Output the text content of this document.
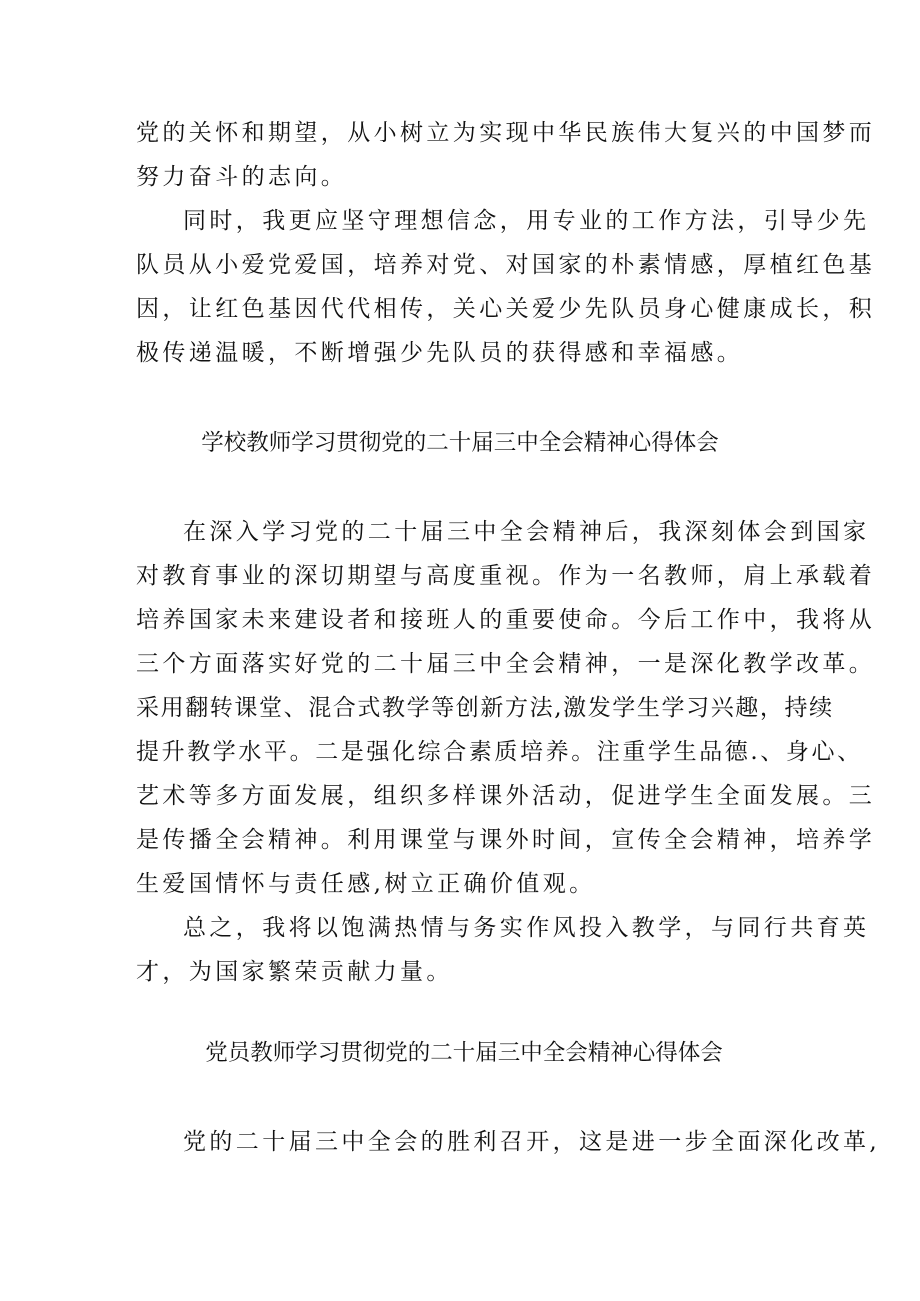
党的关怀和期望，从小树立为实现中华民族伟大复兴的中国梦而
努力奋斗的志向。
同时，我更应坚守理想信念，用专业的工作方法，引导少先
队员从小爱党爱国，培养对党、对国家的朴素情感，厚植红色基
因，让红色基因代代相传，关心关爱少先队员身心健康成长，积
极传递温暖，不断增强少先队员的获得感和幸福感。
学校教师学习贯彻党的二十届三中全会精神心得体会
在深入学习党的二十届三中全会精神后，我深刻体会到国家
对教育事业的深切期望与高度重视。作为一名教师，肩上承载着
培养国家未来建设者和接班人的重要使命。今后工作中，我将从
三个方面落实好党的二十届三中全会精神，一是深化教学改革。
采用翻转课堂、混合式教学等创新方法,激发学生学习兴趣，持续
提升教学水平。二是强化综合素质培养。注重学生品德.、身心、
艺术等多方面发展，组织多样课外活动，促进学生全面发展。三
是传播全会精神。利用课堂与课外时间，宣传全会精神，培养学
生爱国情怀与责任感,树立正确价值观。
总之，我将以饱满热情与务实作风投入教学，与同行共育英
才，为国家繁荣贡献力量。
党员教师学习贯彻党的二十届三中全会精神心得体会
党的二十届三中全会的胜利召开，这是进一步全面深化改革,
